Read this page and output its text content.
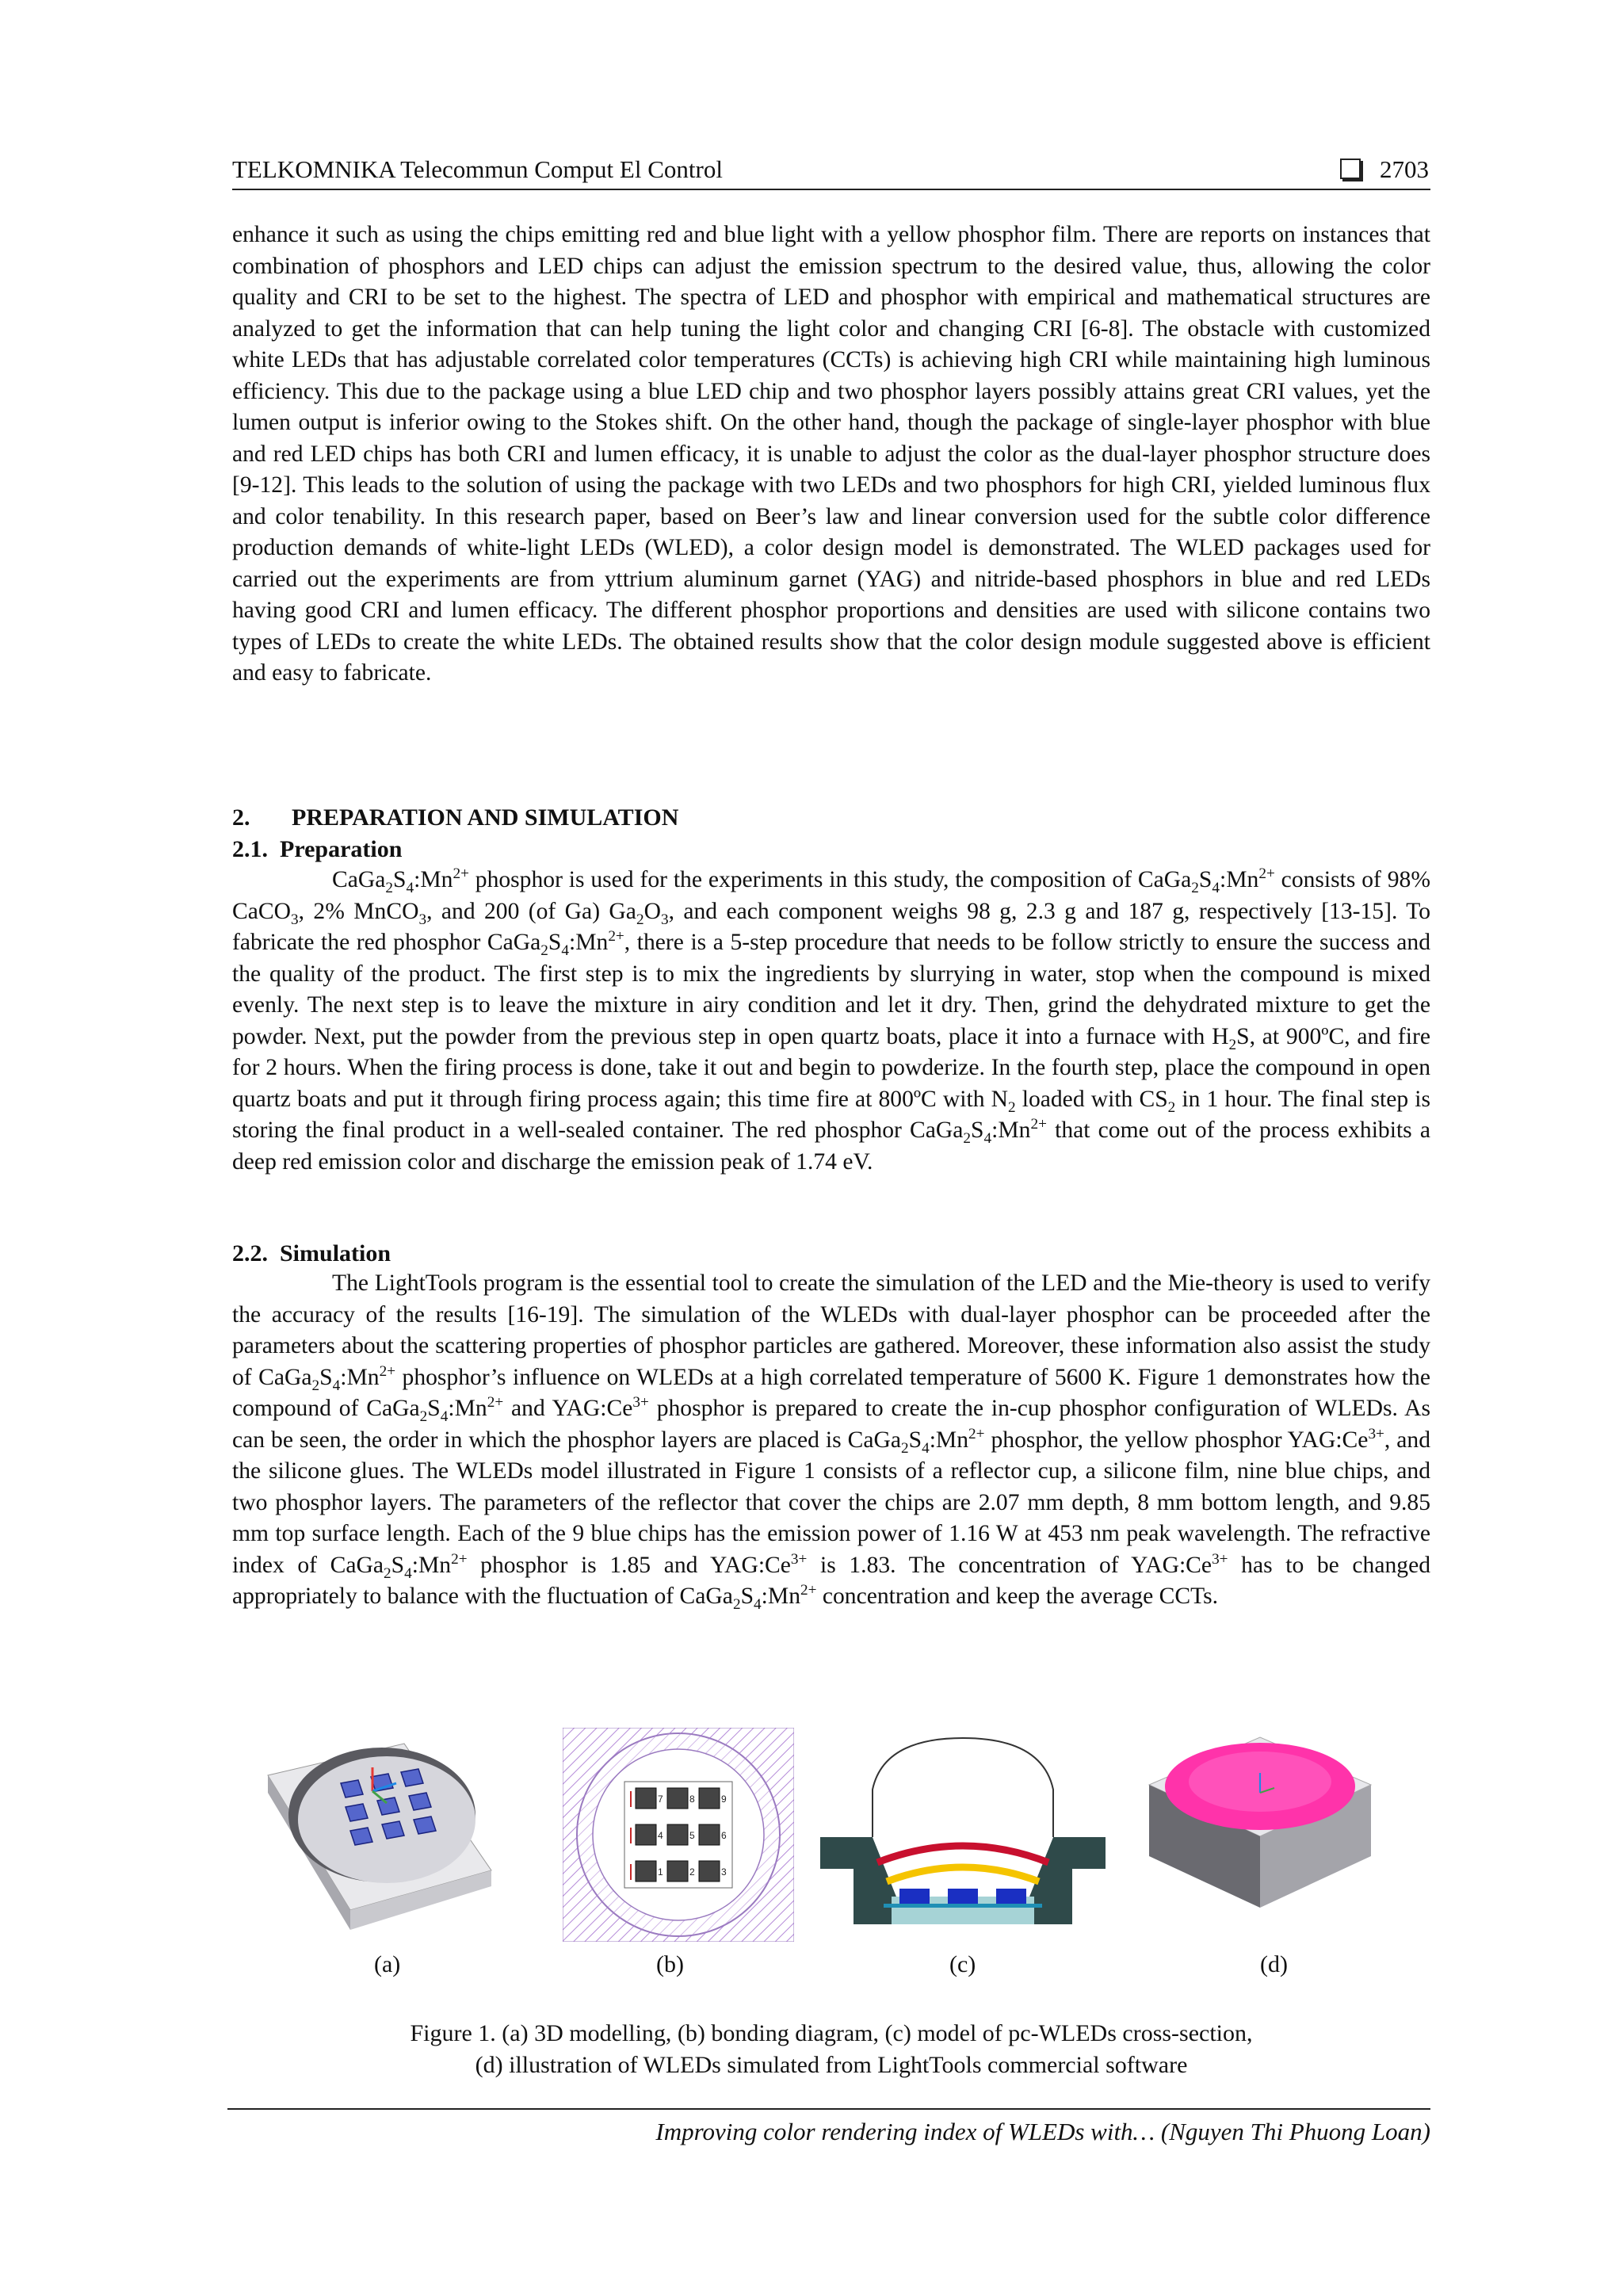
TELKOMNIKA Telecommun Comput El Control	2703

enhance it such as using the chips emitting red and blue light with a yellow phosphor film. There are reports on instances that combination of phosphors and LED chips can adjust the emission spectrum to the desired value, thus, allowing the color quality and CRI to be set to the highest. The spectra of LED and phosphor with empirical and mathematical structures are analyzed to get the information that can help tuning the light color and changing CRI [6-8]. The obstacle with customized white LEDs that has adjustable correlated color temperatures (CCTs) is achieving high CRI while maintaining high luminous efficiency. This due to the package using a blue LED chip and two phosphor layers possibly attains great CRI values, yet the lumen output is inferior owing to the Stokes shift. On the other hand, though the package of single-layer phosphor with blue and red LED chips has both CRI and lumen efficacy, it is unable to adjust the color as the dual-layer phosphor structure does [9-12]. This leads to the solution of using the package with two LEDs and two phosphors for high CRI, yielded luminous flux and color tenability. In this research paper, based on Beer’s law and linear conversion used for the subtle color difference production demands of white-light LEDs (WLED), a color design model is demonstrated. The WLED packages used for carried out the experiments are from yttrium aluminum garnet (YAG) and nitride-based phosphors in blue and red LEDs having good CRI and lumen efficacy. The different phosphor proportions and densities are used with silicone contains two types of LEDs to create the white LEDs. The obtained results show that the color design module suggested above is efficient and easy to fabricate.

2. PREPARATION AND SIMULATION
2.1. Preparation

$CaGa_2S_4:Mn^{2+}$ phosphor is used for the experiments in this study, the composition of $CaGa_2S_4:Mn^{2+}$ consists of 98% CaCO$_3$, 2% MnCO$_3$, and 200 (of Ga) $Ga_2O_3$, and each component weighs 98 g, 2.3 g and 187 g, respectively [13-15]. To fabricate the red phosphor $CaGa_2S_4:Mn^{2+}$, there is a 5-step procedure that needs to be follow strictly to ensure the success and the quality of the product. The first step is to mix the ingredients by slurrying in water, stop when the compound is mixed evenly. The next step is to leave the mixture in airy condition and let it dry. Then, grind the dehydrated mixture to get the powder. Next, put the powder from the previous step in open quartz boats, place it into a furnace with $H_2S$, at 900ºC, and fire for 2 hours. When the firing process is done, take it out and begin to powderize. In the fourth step, place the compound in open quartz boats and put it through firing process again; this time fire at 800ºC with $N_2$ loaded with $CS_2$ in 1 hour. The final step is storing the final product in a well-sealed container. The red phosphor $CaGa_2S_4:Mn^{2+}$ that come out of the process exhibits a deep red emission color and discharge the emission peak of 1.74 eV.

2.2. Simulation

The LightTools program is the essential tool to create the simulation of the LED and the Mie-theory is used to verify the accuracy of the results [16-19]. The simulation of the WLEDs with dual-layer phosphor can be proceeded after the parameters about the scattering properties of phosphor particles are gathered. Moreover, these information also assist the study of $CaGa_2S_4:Mn^{2+}$ phosphor’s influence on WLEDs at a high correlated temperature of 5600 K. Figure 1 demonstrates how the compound of $CaGa_2S_4:Mn^{2+}$ and $YAG:Ce^{3+}$ phosphor is prepared to create the in-cup phosphor configuration of WLEDs. As can be seen, the order in which the phosphor layers are placed is $CaGa_2S_4:Mn^{2+}$ phosphor, the yellow phosphor $YAG:Ce^{3+}$, and the silicone glues. The WLEDs model illustrated in Figure 1 consists of a reflector cup, a silicone film, nine blue chips, and two phosphor layers. The parameters of the reflector that cover the chips are 2.07 mm depth, 8 mm bottom length, and 9.85 mm top surface length. Each of the 9 blue chips has the emission power of 1.16 W at 453 nm peak wavelength. The refractive index of $CaGa_2S_4:Mn^{2+}$ phosphor is 1.85 and $YAG:Ce^{3+}$ is 1.83. The concentration of $YAG:Ce^{3+}$ has to be changed appropriately to balance with the fluctuation of $CaGa_2S_4:Mn^{2+}$ concentration and keep the average CCTs.

7	8	9
4	5	6
1	2	3
(a)	(b)	(c)	(d)
Figure 1. (a) 3D modelling, (b) bonding diagram, (c) model of pc-WLEDs cross-section,
(d) illustration of WLEDs simulated from LightTools commercial software
Improving color rendering index of WLEDs with… (Nguyen Thi Phuong Loan)
